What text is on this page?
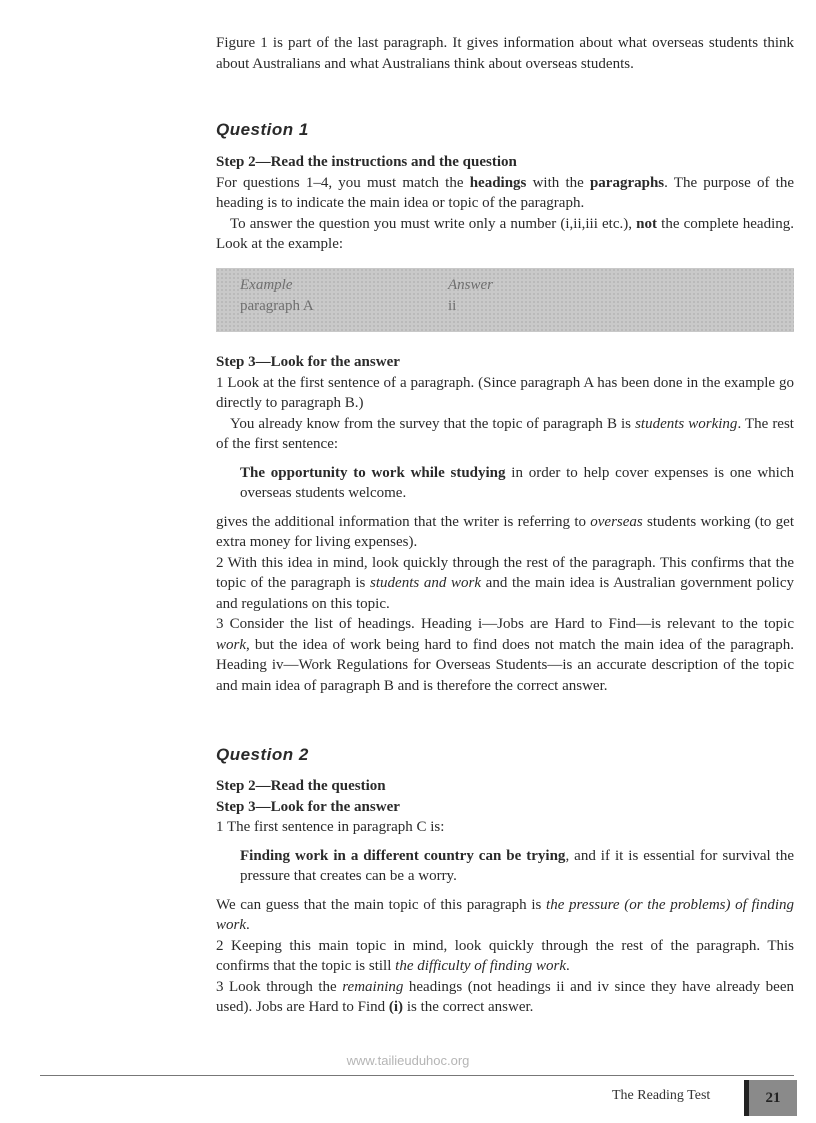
Figure 1 is part of the last paragraph. It gives information about what overseas students think about Australians and what Australians think about overseas students.

Question 1

Step 2—Read the instructions and the question

For questions 1–4, you must match the headings with the paragraphs. The purpose of the heading is to indicate the main idea or topic of the paragraph.

To answer the question you must write only a number (i,ii,iii etc.), not the complete heading. Look at the example:

Example
paragraph A
Answer
ii

Step 3—Look for the answer

1 Look at the first sentence of a paragraph. (Since paragraph A has been done in the example go directly to paragraph B.)

You already know from the survey that the topic of paragraph B is students working. The rest of the first sentence:

The opportunity to work while studying in order to help cover expenses is one which overseas students welcome.

gives the additional information that the writer is referring to overseas students working (to get extra money for living expenses).

2 With this idea in mind, look quickly through the rest of the paragraph. This confirms that the topic of the paragraph is students and work and the main idea is Australian government policy and regulations on this topic.

3 Consider the list of headings. Heading i—Jobs are Hard to Find—is relevant to the topic work, but the idea of work being hard to find does not match the main idea of the paragraph. Heading iv—Work Regulations for Overseas Students—is an accurate description of the topic and main idea of paragraph B and is therefore the correct answer.

Question 2

Step 2—Read the question

Step 3—Look for the answer

1 The first sentence in paragraph C is:

Finding work in a different country can be trying, and if it is essential for survival the pressure that creates can be a worry.

We can guess that the main topic of this paragraph is the pressure (or the problems) of finding work.

2 Keeping this main topic in mind, look quickly through the rest of the paragraph. This confirms that the topic is still the difficulty of finding work.

3 Look through the remaining headings (not headings ii and iv since they have already been used). Jobs are Hard to Find (i) is the correct answer.

www.tailieuduhoc.org
The Reading Test	21
